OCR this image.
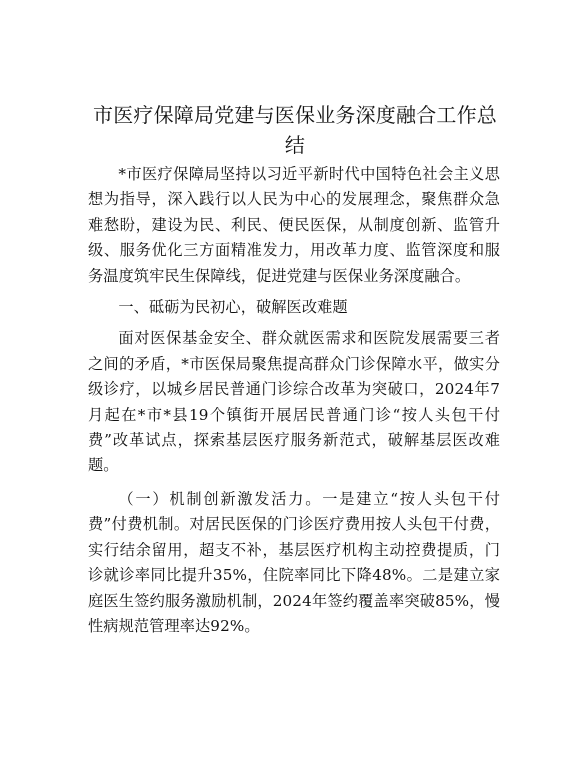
市医疗保障局党建与医保业务深度融合工作总结

*市医疗保障局坚持以习近平新时代中国特色社会主义思想为指导，深入践行以人民为中心的发展理念，聚焦群众急难愁盼，建设为民、利民、便民医保，从制度创新、监管升级、服务优化三方面精准发力，用改革力度、监管深度和服务温度筑牢民生保障线，促进党建与医保业务深度融合。

一、砥砺为民初心，破解医改难题

面对医保基金安全、群众就医需求和医院发展需要三者之间的矛盾，*市医保局聚焦提高群众门诊保障水平，做实分级诊疗，以城乡居民普通门诊综合改革为突破口，2024年7月起在*市*县19个镇街开展居民普通门诊“按人头包干付费”改革试点，探索基层医疗服务新范式，破解基层医改难题。

（一）机制创新激发活力。一是建立“按人头包干付费”付费机制。对居民医保的门诊医疗费用按人头包干付费，实行结余留用，超支不补，基层医疗机构主动控费提质，门诊就诊率同比提升35%，住院率同比下降48%。二是建立家庭医生签约服务激励机制，2024年签约覆盖率突破85%，慢性病规范管理率达92%。
